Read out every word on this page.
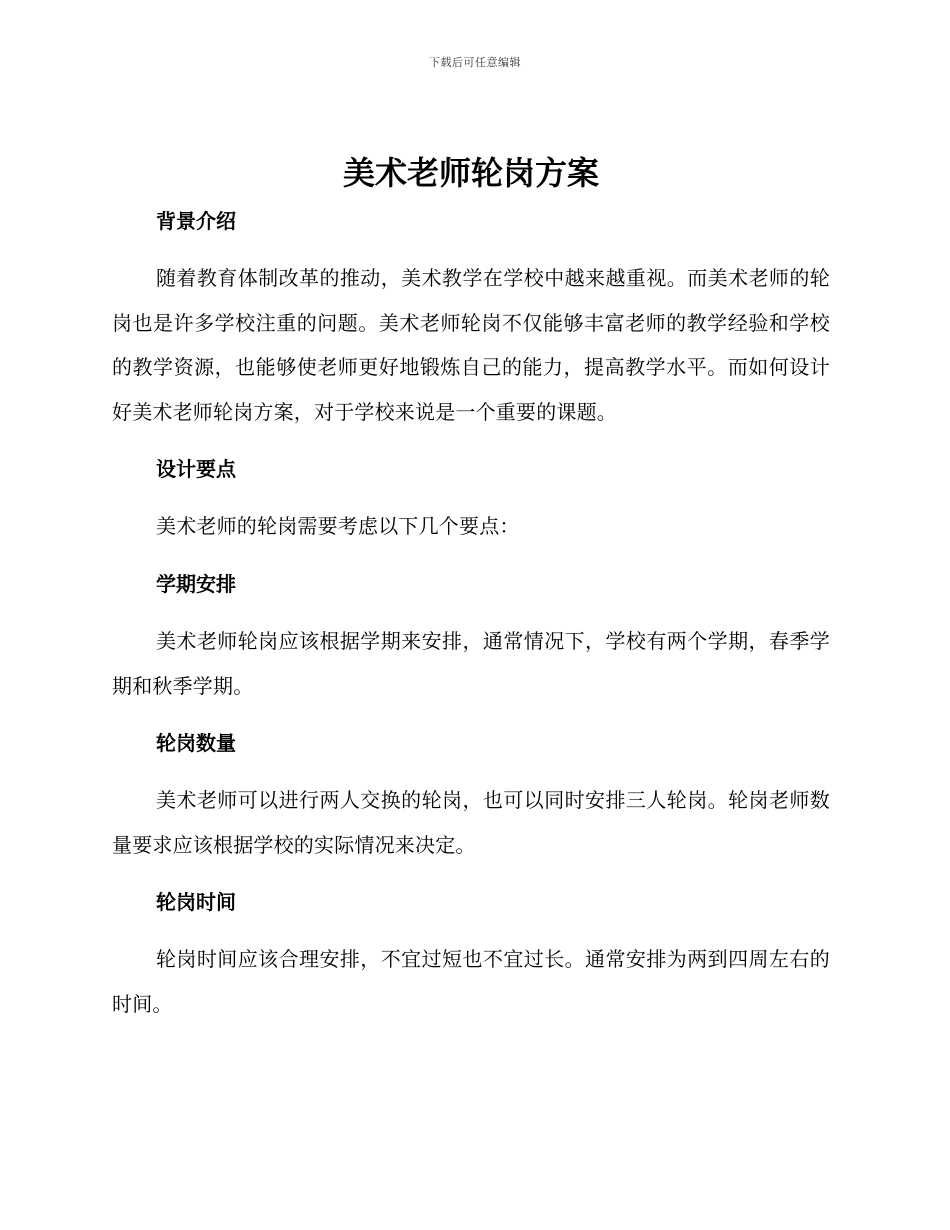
下载后可任意编辑
美术老师轮岗方案
背景介绍

随着教育体制改革的推动，美术教学在学校中越来越重视。而美术老师的轮岗也是许多学校注重的问题。美术老师轮岗不仅能够丰富老师的教学经验和学校的教学资源，也能够使老师更好地锻炼自己的能力，提高教学水平。而如何设计好美术老师轮岗方案，对于学校来说是一个重要的课题。

设计要点

美术老师的轮岗需要考虑以下几个要点：

学期安排

美术老师轮岗应该根据学期来安排，通常情况下，学校有两个学期，春季学期和秋季学期。

轮岗数量

美术老师可以进行两人交换的轮岗，也可以同时安排三人轮岗。轮岗老师数量要求应该根据学校的实际情况来决定。

轮岗时间

轮岗时间应该合理安排，不宜过短也不宜过长。通常安排为两到四周左右的时间。
